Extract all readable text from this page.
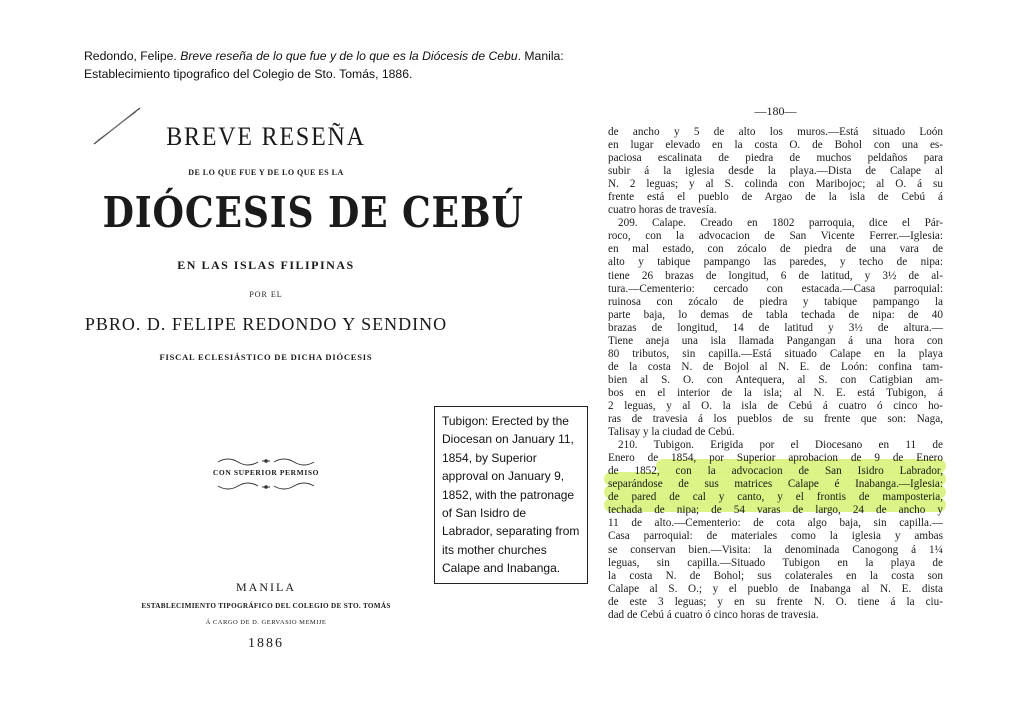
Redondo, Felipe. Breve reseña de lo que fue y de lo que es la Diócesis de Cebu. Manila: Establecimiento tipografico del Colegio de Sto. Tomás, 1886.
BREVE RESEÑA
DE LO QUE FUE Y DE LO QUE ES LA
DIÓCESIS DE CEBÚ
EN LAS ISLAS FILIPINAS
POR EL
PBRO. D. FELIPE REDONDO Y SENDINO
FISCAL ECLESIÁSTICO DE DICHA DIÓCESIS
CON SUPERIOR PERMISO
MANILA
ESTABLECIMIENTO TIPOGRÁFICO DEL COLEGIO DE STO. TOMÁS
Á CARGO DE D. GERVASIO MEMIJE
1886
Tubigon: Erected by the Diocesan on January 11, 1854, by Superior approval on January 9, 1852, with the patronage of San Isidro de Labrador, separating from its mother churches Calape and Inabanga.
—180—
de ancho y 5 de alto los muros.—Está situado Loón
en lugar elevado en la costa O. de Bohol con una es-
paciosa escalinata de piedra de muchos peldaños para
subir á la iglesia desde la playa.—Dista de Calape al
N. 2 leguas; y al S. colinda con Maribojoc; al O. á su
frente está el pueblo de Argao de la isla de Cebú á
cuatro horas de travesía.
209. Calape. Creado en 1802 parroquia, dice el Pár-
roco, con la advocacion de San Vicente Ferrer.—Iglesia:
en mal estado, con zócalo de piedra de una vara de
alto y tabique pampango las paredes, y techo de nipa:
tiene 26 brazas de longitud, 6 de latitud, y 3½ de al-
tura.—Cementerio: cercado con estacada.—Casa parroquial:
ruinosa con zócalo de piedra y tabique pampango la
parte baja, lo demas de tabla techada de nipa: de 40
brazas de longitud, 14 de latitud y 3½ de altura.—
Tiene aneja una isla llamada Pangangan á una hora con
80 tributos, sin capilla.—Está situado Calape en la playa
de la costa N. de Bojol al N. E. de Loón: confina tam-
bien al S. O. con Antequera, al S. con Catigbian am-
bos en el interior de la isla; al N. E. está Tubigon, á
2 leguas, y al O. la isla de Cebú á cuatro ó cinco ho-
ras de travesia á los pueblos de su frente que son: Naga,
Talisay y la ciudad de Cebú.
210. Tubigon. Erigida por el Diocesano en 11 de
Enero de 1854, por Superior aprobacion de 9 de Enero
de 1852, con la advocacion de San Isidro Labrador,
separándose de sus matrices Calape é Inabanga.—Iglesia:
de pared de cal y canto, y el frontis de mamposteria,
techada de nipa; de 54 varas de largo, 24 de ancho y
11 de alto.—Cementerio: de cota algo baja, sin capilla.—
Casa parroquial: de materiales como la iglesia y ambas
se conservan bien.—Visita: la denominada Canogong á 1¼
leguas, sin capilla.—Situado Tubigon en la playa de
la costa N. de Bohol; sus colaterales en la costa son
Calape al S. O.; y el pueblo de Inabanga al N. E. dista
de este 3 leguas; y en su frente N. O. tiene á la ciu-
dad de Cebú á cuatro ó cinco horas de travesia.
